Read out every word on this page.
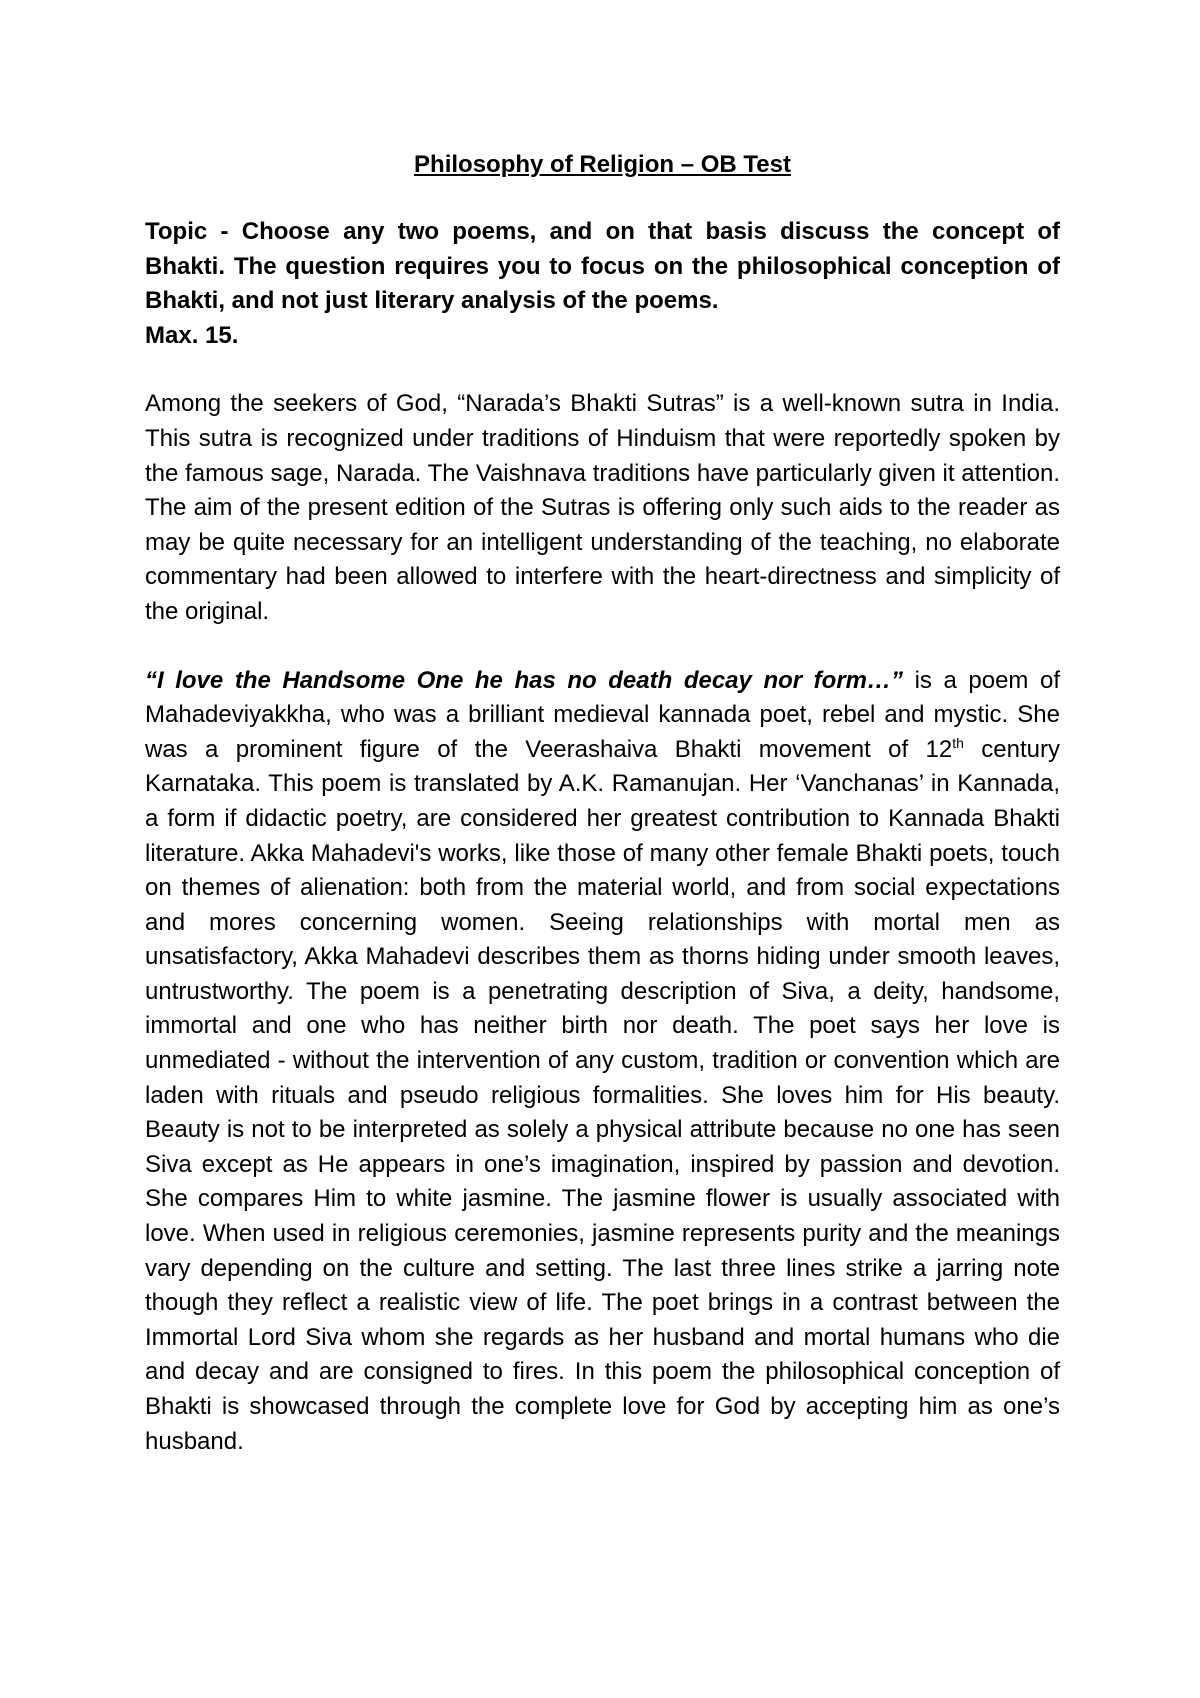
Philosophy of Religion – OB Test

Topic - Choose any two poems, and on that basis discuss the concept of Bhakti. The question requires you to focus on the philosophical conception of Bhakti, and not just literary analysis of the poems.

Max. 15.

Among the seekers of God, “Narada’s Bhakti Sutras” is a well-known sutra in India. This sutra is recognized under traditions of Hinduism that were reportedly spoken by the famous sage, Narada. The Vaishnava traditions have particularly given it attention. The aim of the present edition of the Sutras is offering only such aids to the reader as may be quite necessary for an intelligent understanding of the teaching, no elaborate commentary had been allowed to interfere with the heart-directness and simplicity of the original.

“I love the Handsome One he has no death decay nor form…” is a poem of Mahadeviyakkha, who was a brilliant medieval kannada poet, rebel and mystic. She was a prominent figure of the Veerashaiva Bhakti movement of 12th century Karnataka. This poem is translated by A.K. Ramanujan. Her ‘Vanchanas’ in Kannada, a form if didactic poetry, are considered her greatest contribution to Kannada Bhakti literature. Akka Mahadevi's works, like those of many other female Bhakti poets, touch on themes of alienation: both from the material world, and from social expectations and mores concerning women. Seeing relationships with mortal men as unsatisfactory, Akka Mahadevi describes them as thorns hiding under smooth leaves, untrustworthy. The poem is a penetrating description of Siva, a deity, handsome, immortal and one who has neither birth nor death. The poet says her love is unmediated - without the intervention of any custom, tradition or convention which are laden with rituals and pseudo religious formalities. She loves him for His beauty. Beauty is not to be interpreted as solely a physical attribute because no one has seen Siva except as He appears in one’s imagination, inspired by passion and devotion. She compares Him to white jasmine. The jasmine flower is usually associated with love. When used in religious ceremonies, jasmine represents purity and the meanings vary depending on the culture and setting. The last three lines strike a jarring note though they reflect a realistic view of life. The poet brings in a contrast between the Immortal Lord Siva whom she regards as her husband and mortal humans who die and decay and are consigned to fires. In this poem the philosophical conception of Bhakti is showcased through the complete love for God by accepting him as one’s husband.
